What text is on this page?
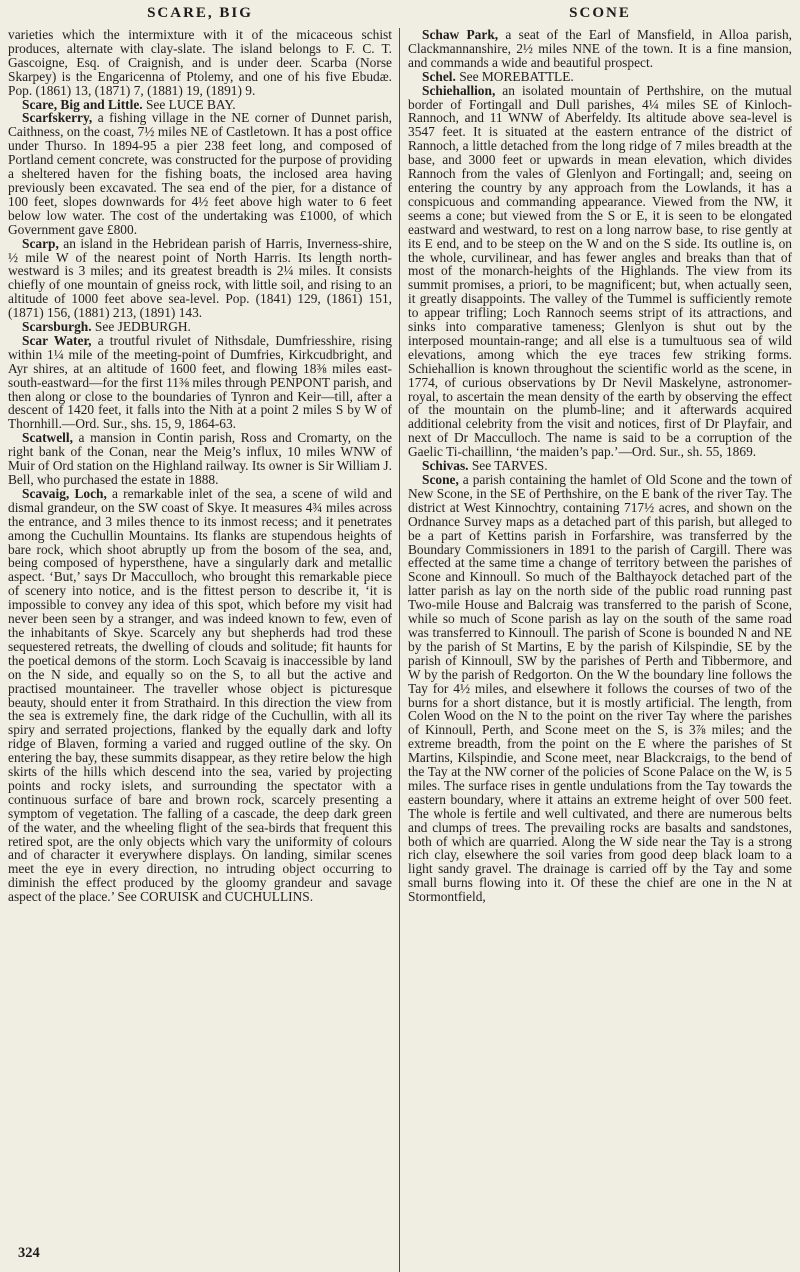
SCARE, BIG	SCONE

varieties which the intermixture with it of the micaceous schist produces, alternate with clay-slate. The island belongs to F. C. T. Gascoigne, Esq. of Craignish, and is under deer. Scarba (Norse Skarpey) is the Engaricenna of Ptolemy, and one of his five Ebudæ. Pop. (1861) 13, (1871) 7, (1881) 19, (1891) 9.

Scare, Big and Little. See LUCE BAY.

Scarfskerry, a fishing village in the NE corner of Dunnet parish, Caithness, on the coast, 7½ miles NE of Castletown. It has a post office under Thurso. In 1894-95 a pier 238 feet long, and composed of Portland cement concrete, was constructed for the purpose of providing a sheltered haven for the fishing boats, the inclosed area having previously been excavated. The sea end of the pier, for a distance of 100 feet, slopes downwards for 4½ feet above high water to 6 feet below low water. The cost of the undertaking was £1000, of which Government gave £800.

Scarp, an island in the Hebridean parish of Harris, Inverness-shire, ½ mile W of the nearest point of North Harris. Its length north-westward is 3 miles; and its greatest breadth is 2¼ miles. It consists chiefly of one mountain of gneiss rock, with little soil, and rising to an altitude of 1000 feet above sea-level. Pop. (1841) 129, (1861) 151, (1871) 156, (1881) 213, (1891) 143.

Scarsburgh. See JEDBURGH.

Scar Water, a troutful rivulet of Nithsdale, Dumfriesshire, rising within 1¼ mile of the meeting-point of Dumfries, Kirkcudbright, and Ayr shires, at an altitude of 1600 feet, and flowing 18⅜ miles east-south-eastward—for the first 11⅜ miles through PENPONT parish, and then along or close to the boundaries of Tynron and Keir—till, after a descent of 1420 feet, it falls into the Nith at a point 2 miles S by W of Thornhill.—Ord. Sur., shs. 15, 9, 1864-63.

Scatwell, a mansion in Contin parish, Ross and Cromarty, on the right bank of the Conan, near the Meig’s influx, 10 miles WNW of Muir of Ord station on the Highland railway. Its owner is Sir William J. Bell, who purchased the estate in 1888.

Scavaig, Loch, a remarkable inlet of the sea, a scene of wild and dismal grandeur, on the SW coast of Skye. It measures 4¾ miles across the entrance, and 3 miles thence to its inmost recess; and it penetrates among the Cuchullin Mountains. Its flanks are stupendous heights of bare rock, which shoot abruptly up from the bosom of the sea, and, being composed of hypersthene, have a singularly dark and metallic aspect. ‘But,’ says Dr Macculloch, who brought this remarkable piece of scenery into notice, and is the fittest person to describe it, ‘it is impossible to convey any idea of this spot, which before my visit had never been seen by a stranger, and was indeed known to few, even of the inhabitants of Skye. Scarcely any but shepherds had trod these sequestered retreats, the dwelling of clouds and solitude; fit haunts for the poetical demons of the storm. Loch Scavaig is inaccessible by land on the N side, and equally so on the S, to all but the active and practised mountaineer. The traveller whose object is picturesque beauty, should enter it from Strathaird. In this direction the view from the sea is extremely fine, the dark ridge of the Cuchullin, with all its spiry and serrated projections, flanked by the equally dark and lofty ridge of Blaven, forming a varied and rugged outline of the sky. On entering the bay, these summits disappear, as they retire below the high skirts of the hills which descend into the sea, varied by projecting points and rocky islets, and surrounding the spectator with a continuous surface of bare and brown rock, scarcely presenting a symptom of vegetation. The falling of a cascade, the deep dark green of the water, and the wheeling flight of the sea-birds that frequent this retired spot, are the only objects which vary the uniformity of colours and of character it everywhere displays. On landing, similar scenes meet the eye in every direction, no intruding object occurring to diminish the effect produced by the gloomy grandeur and savage aspect of the place.’ See CORUISK and CUCHULLINS.

Schaw Park, a seat of the Earl of Mansfield, in Alloa parish, Clackmannanshire, 2½ miles NNE of the town. It is a fine mansion, and commands a wide and beautiful prospect.

Schel. See MOREBATTLE.

Schiehallion, an isolated mountain of Perthshire, on the mutual border of Fortingall and Dull parishes, 4¼ miles SE of Kinloch-Rannoch, and 11 WNW of Aberfeldy. Its altitude above sea-level is 3547 feet. It is situated at the eastern entrance of the district of Rannoch, a little detached from the long ridge of 7 miles breadth at the base, and 3000 feet or upwards in mean elevation, which divides Rannoch from the vales of Glenlyon and Fortingall; and, seeing on entering the country by any approach from the Lowlands, it has a conspicuous and commanding appearance. Viewed from the NW, it seems a cone; but viewed from the S or E, it is seen to be elongated eastward and westward, to rest on a long narrow base, to rise gently at its E end, and to be steep on the W and on the S side. Its outline is, on the whole, curvilinear, and has fewer angles and breaks than that of most of the monarch-heights of the Highlands. The view from its summit promises, a priori, to be magnificent; but, when actually seen, it greatly disappoints. The valley of the Tummel is sufficiently remote to appear trifling; Loch Rannoch seems stript of its attractions, and sinks into comparative tameness; Glenlyon is shut out by the interposed mountain-range; and all else is a tumultuous sea of wild elevations, among which the eye traces few striking forms. Schiehallion is known throughout the scientific world as the scene, in 1774, of curious observations by Dr Nevil Maskelyne, astronomer-royal, to ascertain the mean density of the earth by observing the effect of the mountain on the plumb-line; and it afterwards acquired additional celebrity from the visit and notices, first of Dr Playfair, and next of Dr Macculloch. The name is said to be a corruption of the Gaelic Ti-chaillinn, ‘the maiden’s pap.’—Ord. Sur., sh. 55, 1869.

Schivas. See TARVES.

Scone, a parish containing the hamlet of Old Scone and the town of New Scone, in the SE of Perthshire, on the E bank of the river Tay. The district at West Kinnochtry, containing 717½ acres, and shown on the Ordnance Survey maps as a detached part of this parish, but alleged to be a part of Kettins parish in Forfarshire, was transferred by the Boundary Commissioners in 1891 to the parish of Cargill. There was effected at the same time a change of territory between the parishes of Scone and Kinnoull. So much of the Balthayock detached part of the latter parish as lay on the north side of the public road running past Two-mile House and Balcraig was transferred to the parish of Scone, while so much of Scone parish as lay on the south of the same road was transferred to Kinnoull. The parish of Scone is bounded N and NE by the parish of St Martins, E by the parish of Kilspindie, SE by the parish of Kinnoull, SW by the parishes of Perth and Tibbermore, and W by the parish of Redgorton. On the W the boundary line follows the Tay for 4½ miles, and elsewhere it follows the courses of two of the burns for a short distance, but it is mostly artificial. The length, from Colen Wood on the N to the point on the river Tay where the parishes of Kinnoull, Perth, and Scone meet on the S, is 3⅞ miles; and the extreme breadth, from the point on the E where the parishes of St Martins, Kilspindie, and Scone meet, near Blackcraigs, to the bend of the Tay at the NW corner of the policies of Scone Palace on the W, is 5 miles. The surface rises in gentle undulations from the Tay towards the eastern boundary, where it attains an extreme height of over 500 feet. The whole is fertile and well cultivated, and there are numerous belts and clumps of trees. The prevailing rocks are basalts and sandstones, both of which are quarried. Along the W side near the Tay is a strong rich clay, elsewhere the soil varies from good deep black loam to a light sandy gravel. The drainage is carried off by the Tay and some small burns flowing into it. Of these the chief are one in the N at Stormontfield,

324
